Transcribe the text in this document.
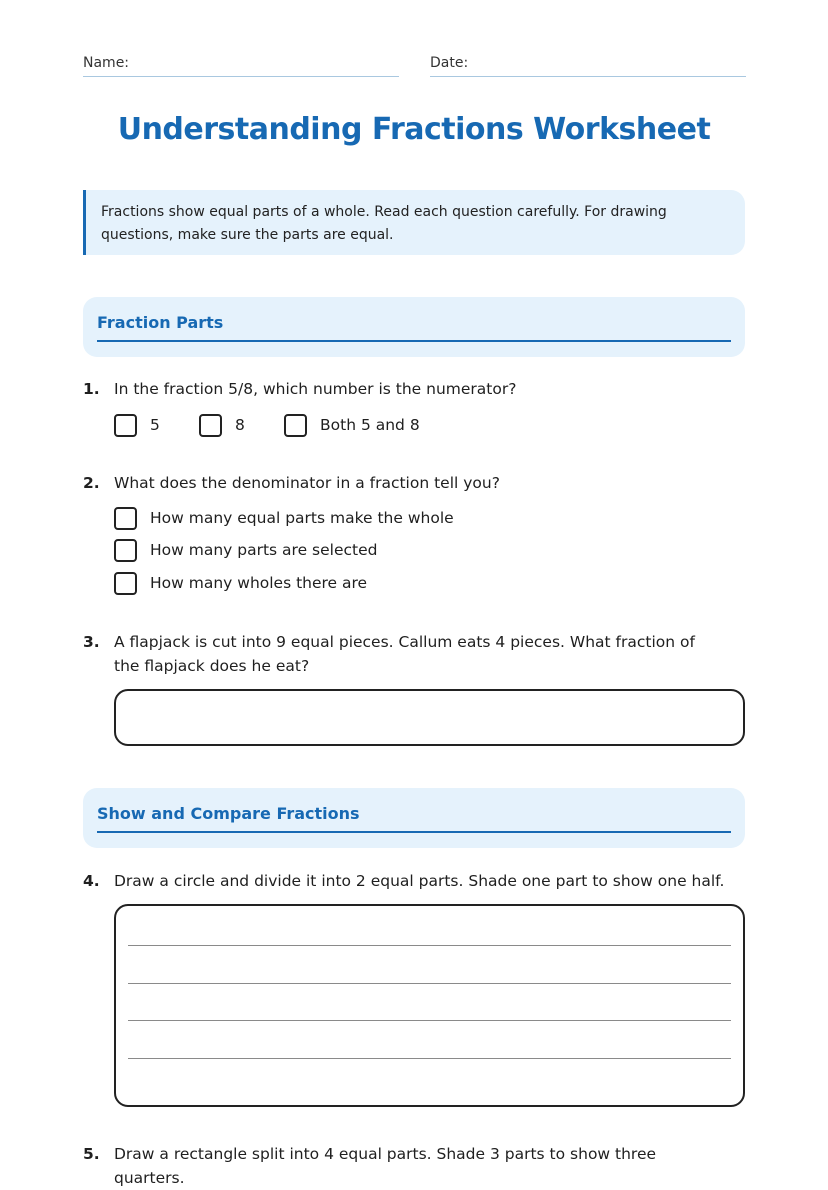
Name:	Date:
Understanding Fractions Worksheet
Fractions show equal parts of a whole. Read each question carefully. For drawing questions, make sure the parts are equal.
Fraction Parts
1. In the fraction 5/8, which number is the numerator?
5	8	Both 5 and 8
2. What does the denominator in a fraction tell you?
How many equal parts make the whole
How many parts are selected
How many wholes there are
3. A flapjack is cut into 9 equal pieces. Callum eats 4 pieces. What fraction of the flapjack does he eat?
Show and Compare Fractions
4. Draw a circle and divide it into 2 equal parts. Shade one part to show one half.
5. Draw a rectangle split into 4 equal parts. Shade 3 parts to show three quarters.
